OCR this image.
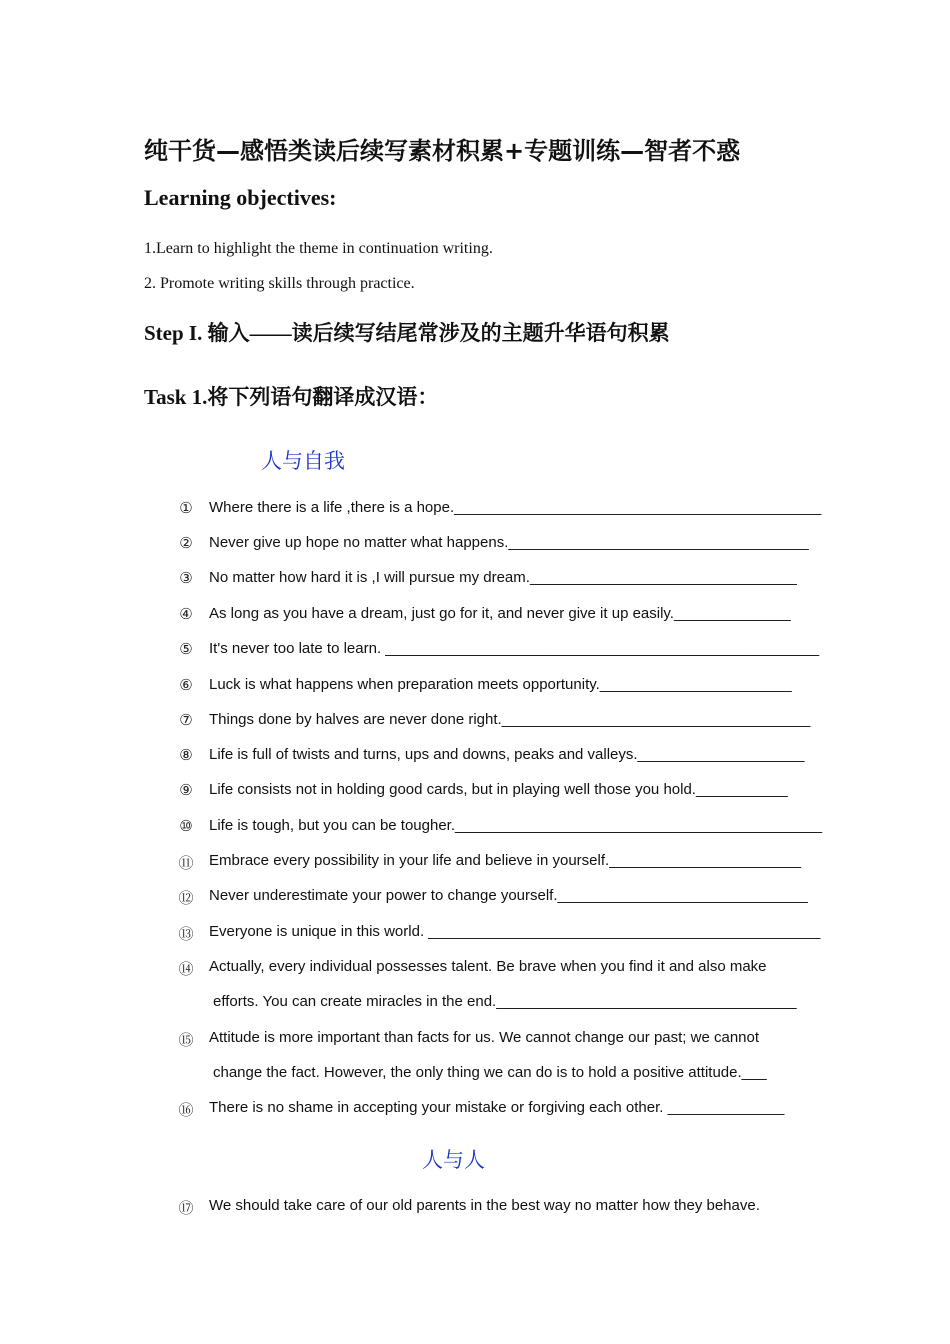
纯干货—感悟类读后续写素材积累+专题训练—智者不惑
Learning objectives:
1.Learn to highlight the theme in continuation writing.
2. Promote writing skills through practice.
Step I. 输入——读后续写结尾常涉及的主题升华语句积累
Task 1.将下列语句翻译成汉语：
人与自我
① Where there is a life ,there is a hope.____________________________________________
② Never give up hope no matter what happens.____________________________________
③ No matter how hard it is ,I will pursue my dream.________________________________
④ As long as you have a dream, just go for it, and never give it up easily.______________
⑤ It's never too late to learn. ____________________________________________________
⑥ Luck is what happens when preparation meets opportunity._______________________
⑦ Things done by halves are never done right._____________________________________
⑧ Life is full of twists and turns, ups and downs, peaks and valleys.____________________
⑨ Life consists not in holding good cards, but in playing well those you hold.___________
⑩ Life is tough, but you can be tougher.____________________________________________
⑪ Embrace every possibility in your life and believe in yourself._______________________
⑫ Never underestimate your power to change yourself.______________________________
⑬ Everyone is unique in this world. _______________________________________________
⑭ Actually, every individual possesses talent. Be brave when you find it and also make
efforts. You can create miracles in the end.____________________________________
⑮ Attitude is more important than facts for us. We cannot change our past; we cannot
change the fact. However, the only thing we can do is to hold a positive attitude.___
⑯ There is no shame in accepting your mistake or forgiving each other. ______________
人与人
⑰ We should take care of our old parents in the best way no matter how they behave.
